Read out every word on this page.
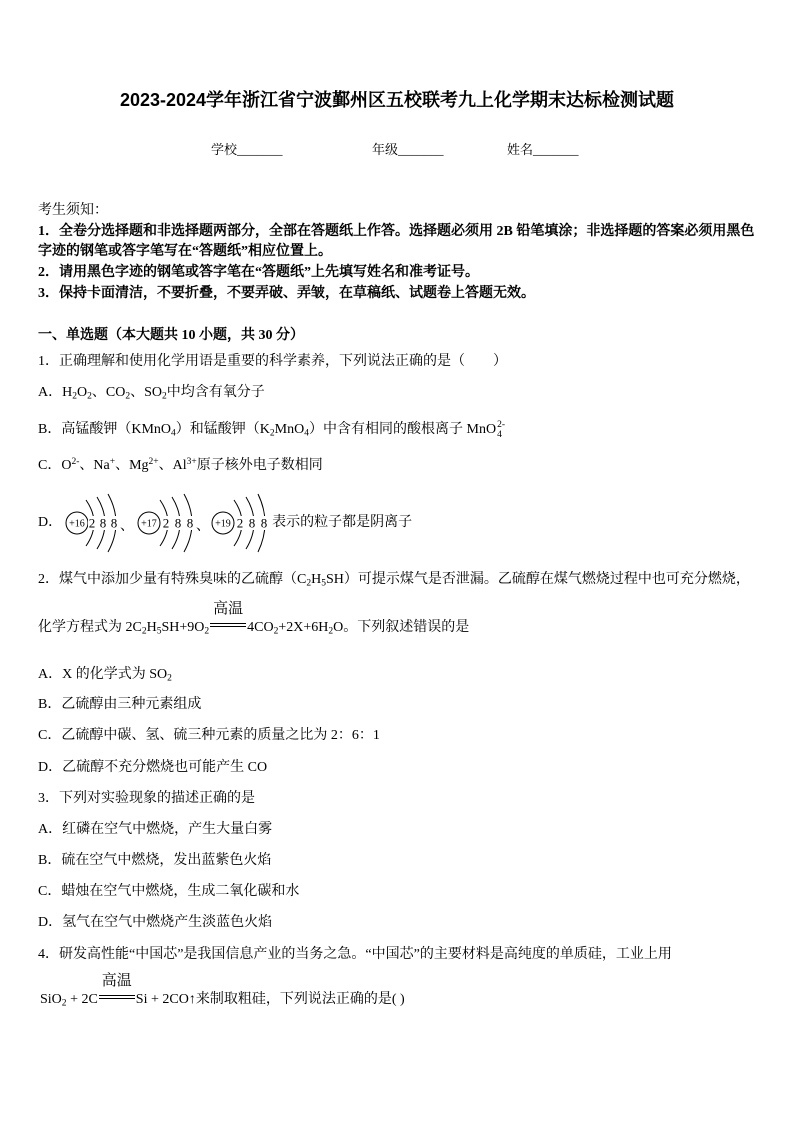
2023-2024学年浙江省宁波鄞州区五校联考九上化学期末达标检测试题
学校_______	年级_______	姓名_______
考生须知：
1．全卷分选择题和非选择题两部分，全部在答题纸上作答。选择题必须用 2B 铅笔填涂；非选择题的答案必须用黑色
字迹的钢笔或答字笔写在“答题纸”相应位置上。
2．请用黑色字迹的钢笔或答字笔在“答题纸”上先填写姓名和准考证号。
3．保持卡面清洁，不要折叠，不要弄破、弄皱，在草稿纸、试题卷上答题无效。
一、单选题（本大题共 10 小题，共 30 分）
1．正确理解和使用化学用语是重要的科学素养，下列说法正确的是（　　）
A．$H_2O_2$、$CO_2$、$SO_2$中均含有氧分子
B．高锰酸钾（KMnO$_4$）和锰酸钾$(K_2MnO_4)$中含有相同的酸根离子 MnO 2-
4
C．$O^{2-}$、Na+、$Mg^{2+}$、$Al^{3+}$原子核外电子数相同
D． +16 2 8 8 、 +17 2 8 8 、 +19 2 8 8 表示的粒子都是阴离子
2．煤气中添加少量有特殊臭味的乙硫醇$(C_2H_5SH)$可提示煤气是否泄漏。乙硫醇在煤气燃烧过程中也可充分燃烧，
化学方程式为 $2C_2H_5SH+9O_2$
高温
$4CO_2+2X+6H_2O$。下列叙述错误的是
A．X 的化学式为 $SO_2$
B．乙硫醇由三种元素组成
C．乙硫醇中碳、氢、硫三种元素的质量之比为 2：6：1
D．乙硫醇不充分燃烧也可能产生 CO
3．下列对实验现象的描述正确的是
A．红磷在空气中燃烧，产生大量白雾
B．硫在空气中燃烧，发出蓝紫色火焰
C．蜡烛在空气中燃烧，生成二氧化碳和水
D．氢气在空气中燃烧产生淡蓝色火焰
4．研发高性能“中国芯”是我国信息产业的当务之急。“中国芯”的主要材料是高纯度的单质硅，工业上用
SiO$_2$ + 2C
高温
Si + 2CO↑来制取粗硅，下列说法正确的是( )
